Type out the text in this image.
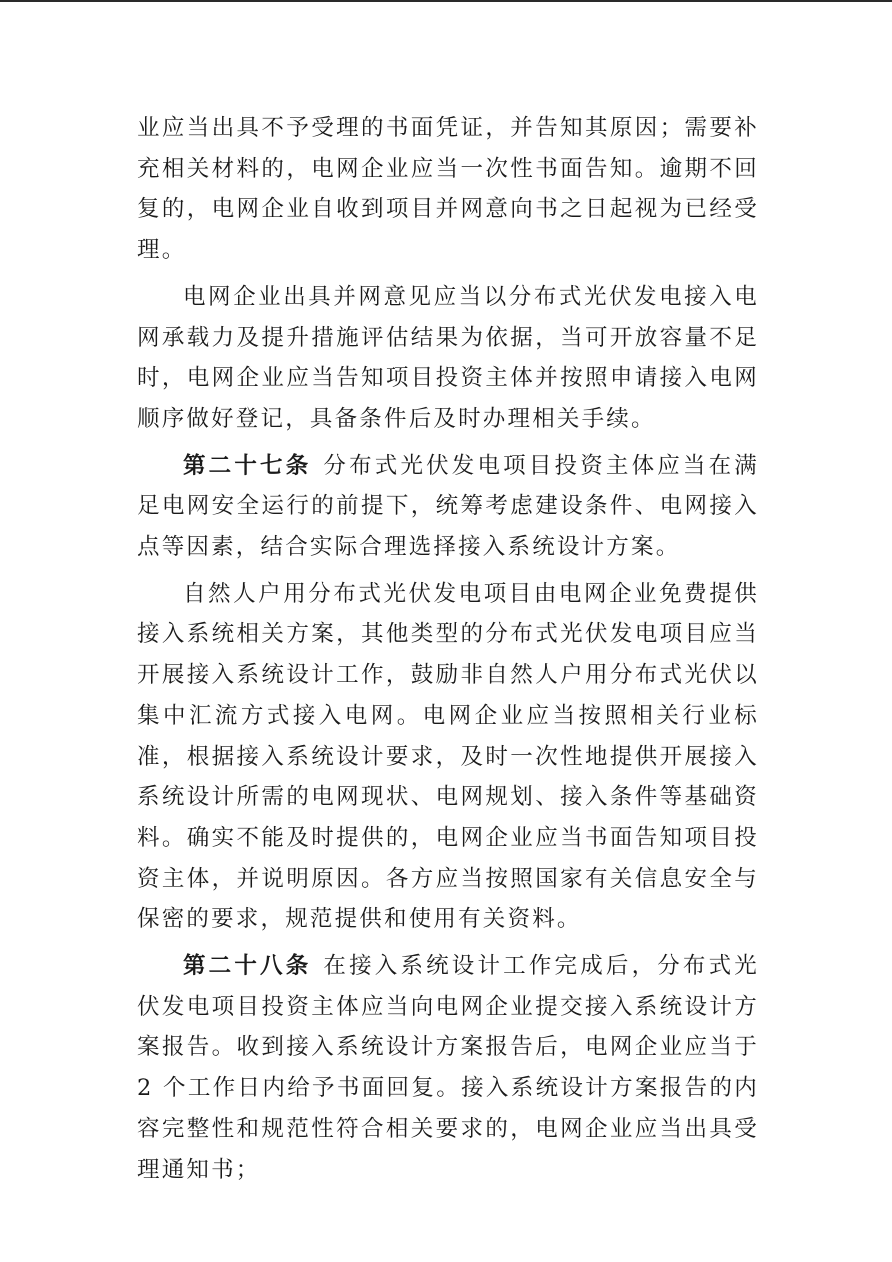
业应当出具不予受理的书面凭证，并告知其原因；需要补充相关材料的，电网企业应当一次性书面告知。逾期不回复的，电网企业自收到项目并网意向书之日起视为已经受理。

电网企业出具并网意见应当以分布式光伏发电接入电网承载力及提升措施评估结果为依据，当可开放容量不足时，电网企业应当告知项目投资主体并按照申请接入电网顺序做好登记，具备条件后及时办理相关手续。

第二十七条 分布式光伏发电项目投资主体应当在满足电网安全运行的前提下，统筹考虑建设条件、电网接入点等因素，结合实际合理选择接入系统设计方案。

自然人户用分布式光伏发电项目由电网企业免费提供接入系统相关方案，其他类型的分布式光伏发电项目应当开展接入系统设计工作，鼓励非自然人户用分布式光伏以集中汇流方式接入电网。电网企业应当按照相关行业标准，根据接入系统设计要求，及时一次性地提供开展接入系统设计所需的电网现状、电网规划、接入条件等基础资料。确实不能及时提供的，电网企业应当书面告知项目投资主体，并说明原因。各方应当按照国家有关信息安全与保密的要求，规范提供和使用有关资料。

第二十八条 在接入系统设计工作完成后，分布式光伏发电项目投资主体应当向电网企业提交接入系统设计方案报告。收到接入系统设计方案报告后，电网企业应当于 2 个工作日内给予书面回复。接入系统设计方案报告的内容完整性和规范性符合相关要求的，电网企业应当出具受理通知书；
